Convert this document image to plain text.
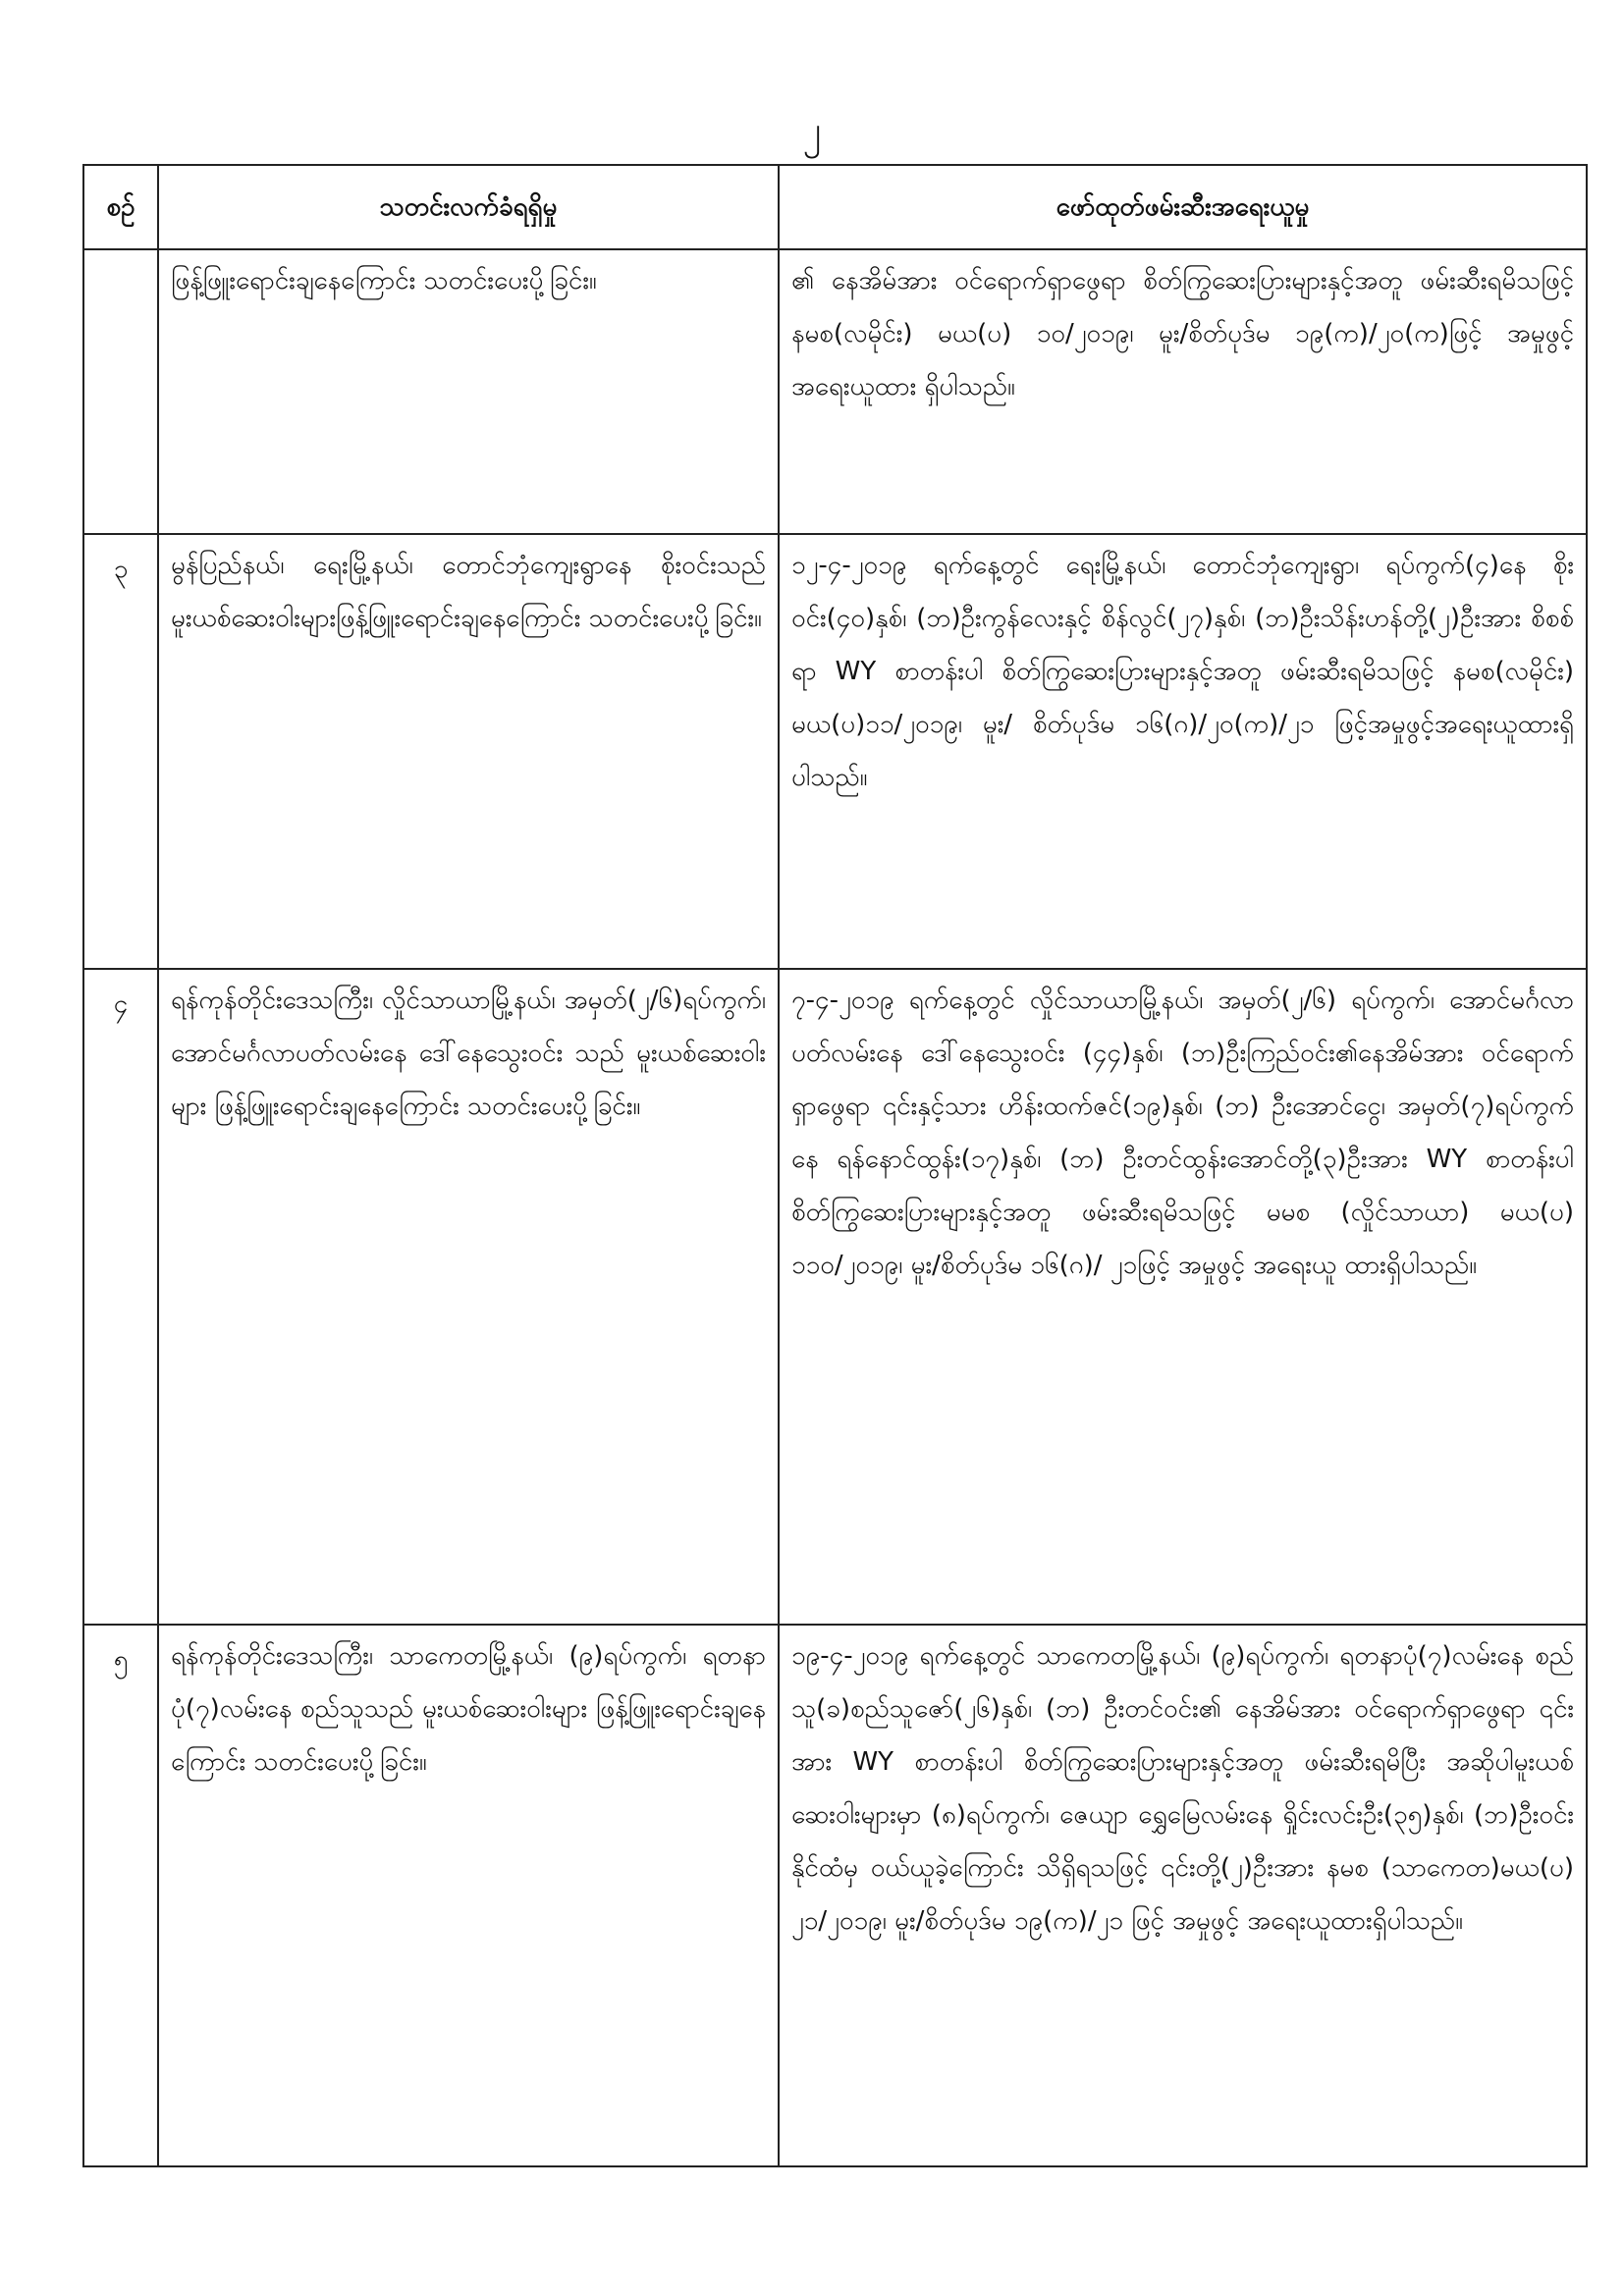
၂
စဉ်	သတင်းလက်ခံရရှိမှု	ဖော်ထုတ်ဖမ်းဆီးအရေးယူမှု
	ဖြန့်ဖြူးရောင်းချနေကြောင်း သတင်းပေးပို့ခြင်း။	၏ နေအိမ်အား ဝင်ရောက်ရှာဖွေရာ စိတ်ကြွဆေးပြားများနှင့်အတူ ဖမ်းဆီးရမိသဖြင့် နမစ(လမိုင်း) မယ(ပ) ၁၀/၂၀၁၉၊ မူး/စိတ်ပုဒ်မ ၁၉(က)/၂၀(က)ဖြင့် အမှုဖွင့် အရေးယူထား ရှိပါသည်။
၃	မွန်ပြည်နယ်၊ ရေးမြို့နယ်၊ တောင်ဘုံကျေးရွာနေ စိုးဝင်းသည် မူးယစ်ဆေးဝါးများဖြန့်ဖြူးရောင်းချနေကြောင်း သတင်းပေးပို့ခြင်း။	၁၂-၄-၂၀၁၉ ရက်နေ့တွင် ရေးမြို့နယ်၊ တောင်ဘုံကျေးရွာ၊ ရပ်ကွက်(၄)နေ စိုးဝင်း(၄၀)နှစ်၊ (ဘ)ဦးကွန်လေးနှင့် စိန်လွင်(၂၇)နှစ်၊ (ဘ)ဦးသိန်းဟန်တို့(၂)ဦးအား စိစစ်ရာ WY စာတန်းပါ စိတ်ကြွဆေးပြားများနှင့်အတူ ဖမ်းဆီးရမိသဖြင့် နမစ(လမိုင်း) မယ(ပ)၁၁/၂၀၁၉၊ မူး/ စိတ်ပုဒ်မ ၁၆(ဂ)/၂၀(က)/၂၁ ဖြင့်အမှုဖွင့်အရေးယူထားရှိပါသည်။
၄	ရန်ကုန်တိုင်းဒေသကြီး၊ လှိုင်သာယာမြို့နယ်၊ အမှတ်(၂/၆)ရပ်ကွက်၊ အောင်မင်္ဂလာပတ်လမ်းနေ ဒေါ်နေသွေးဝင်း သည် မူးယစ်ဆေးဝါးများ ဖြန့်ဖြူးရောင်းချနေကြောင်း သတင်းပေးပို့ခြင်း။	၇-၄-၂၀၁၉ ရက်နေ့တွင် လှိုင်သာယာမြို့နယ်၊ အမှတ်(၂/၆) ရပ်ကွက်၊ အောင်မင်္ဂလာပတ်လမ်းနေ ဒေါ်နေသွေးဝင်း (၄၄)နှစ်၊ (ဘ)ဦးကြည်ဝင်း၏နေအိမ်အား ဝင်ရောက်ရှာဖွေရာ ၎င်းနှင့်သား ဟိန်းထက်ဇင်(၁၉)နှစ်၊ (ဘ) ဦးအောင်ငွေ၊ အမှတ်(၇)ရပ်ကွက်နေ ရန်နောင်ထွန်း(၁၇)နှစ်၊ (ဘ) ဦးတင်ထွန်းအောင်တို့(၃)ဦးအား WY စာတန်းပါ စိတ်ကြွဆေးပြားများနှင့်အတူ ဖမ်းဆီးရမိသဖြင့် မမစ (လှိုင်သာယာ) မယ(ပ) ၁၁၀/၂၀၁၉၊ မူး/စိတ်ပုဒ်မ ၁၆(ဂ)/ ၂၁ဖြင့် အမှုဖွင့် အရေးယူ ထားရှိပါသည်။
၅	ရန်ကုန်တိုင်းဒေသကြီး၊ သာကေတမြို့နယ်၊ (၉)ရပ်ကွက်၊ ရတနာပုံ(၇)လမ်းနေ စည်သူသည် မူးယစ်ဆေးဝါးများ ဖြန့်ဖြူးရောင်းချနေကြောင်း သတင်းပေးပို့ခြင်း။	၁၉-၄-၂၀၁၉ ရက်နေ့တွင် သာကေတမြို့နယ်၊ (၉)ရပ်ကွက်၊ ရတနာပုံ(၇)လမ်းနေ စည်သူ(ခ)စည်သူဇော်(၂၆)နှစ်၊ (ဘ) ဦးတင်ဝင်း၏ နေအိမ်အား ဝင်ရောက်ရှာဖွေရာ ၎င်းအား WY စာတန်းပါ စိတ်ကြွဆေးပြားများနှင့်အတူ ဖမ်းဆီးရမိပြီး အဆိုပါမူးယစ်ဆေးဝါးများမှာ (၈)ရပ်ကွက်၊ ဇေယျာ ရွှေမြေလမ်းနေ ရှိုင်းလင်းဦး(၃၅)နှစ်၊ (ဘ)ဦးဝင်းနိုင်ထံမှ ဝယ်ယူခဲ့ကြောင်း သိရှိရသဖြင့် ၎င်းတို့(၂)ဦးအား နမစ (သာကေတ)မယ(ပ) ၂၁/၂၀၁၉၊ မူး/စိတ်ပုဒ်မ ၁၉(က)/၂၁ ဖြင့် အမှုဖွင့် အရေးယူထားရှိပါသည်။
